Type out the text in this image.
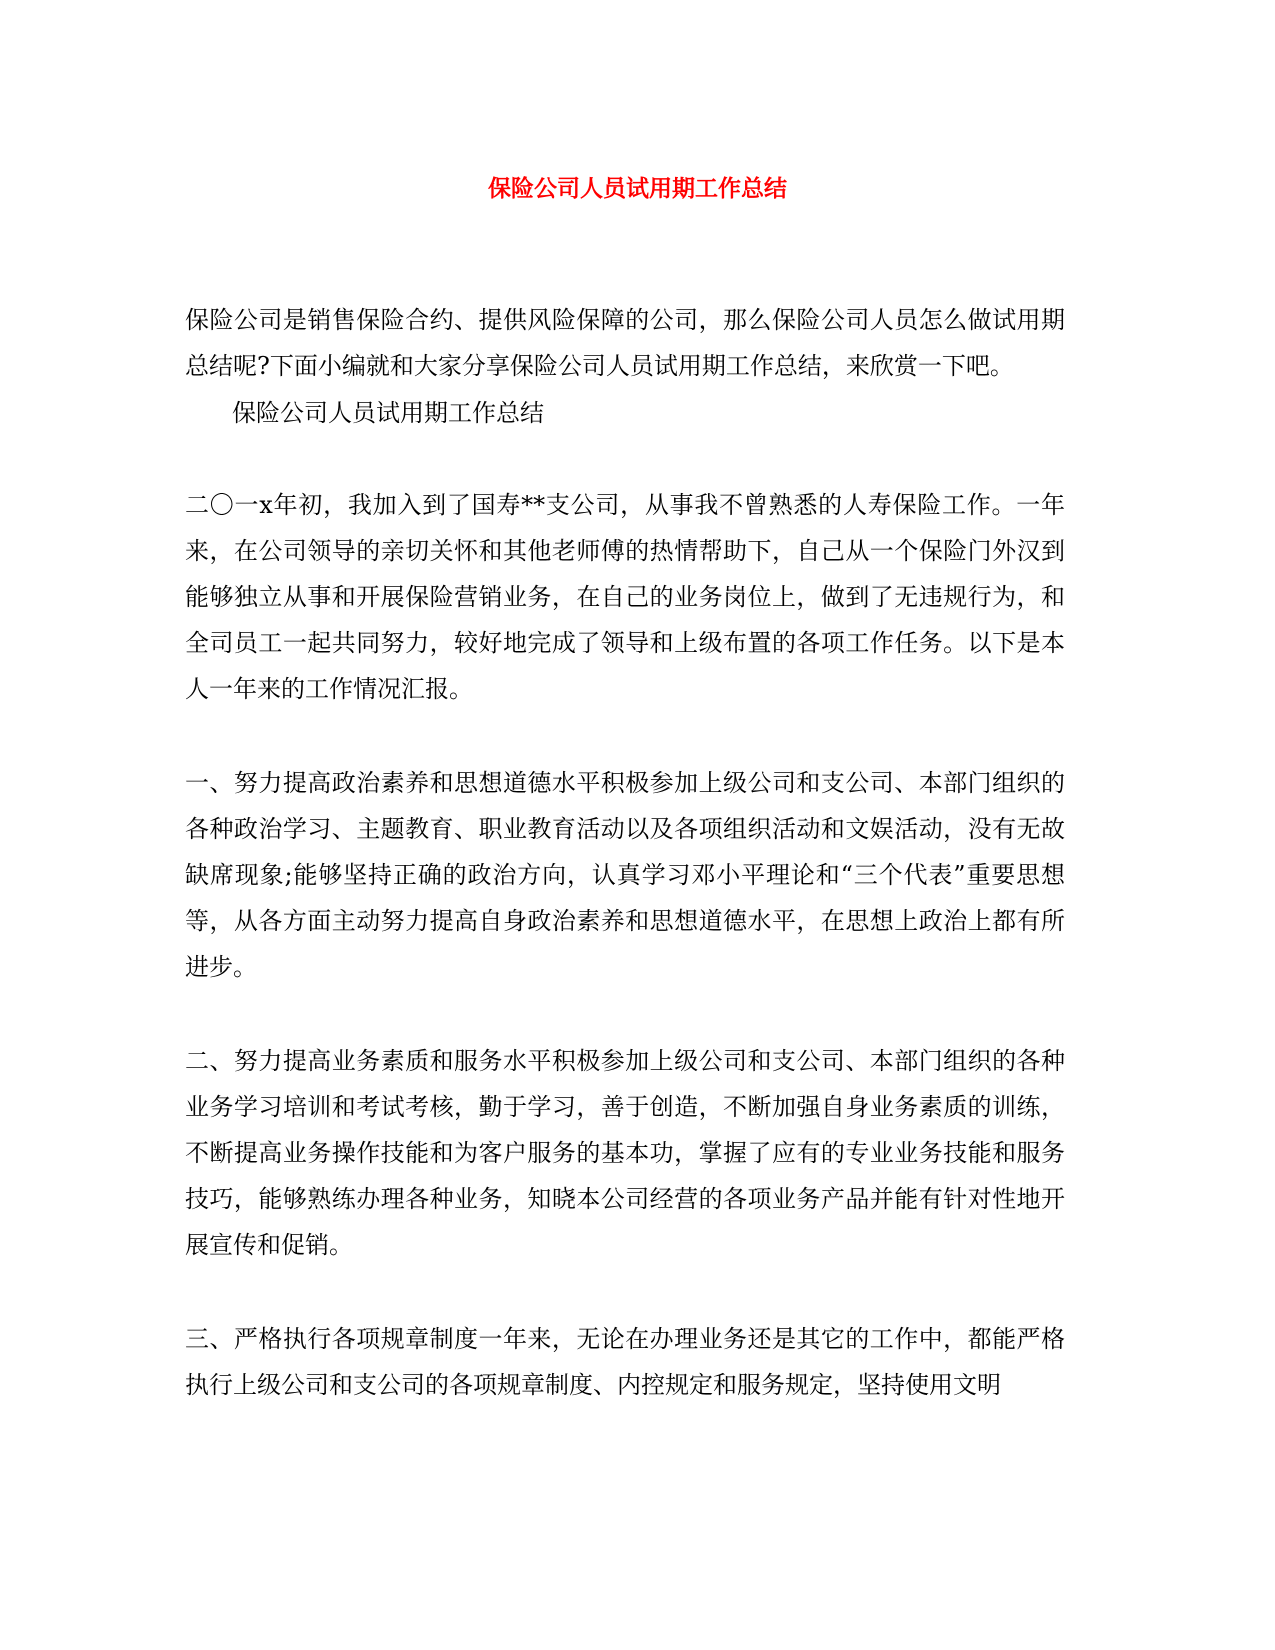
保险公司人员试用期工作总结
保险公司是销售保险合约、提供风险保障的公司，那么保险公司人员怎么做试用期总结呢?下面小编就和大家分享保险公司人员试用期工作总结，来欣赏一下吧。
保险公司人员试用期工作总结
二〇一x年初，我加入到了国寿**支公司，从事我不曾熟悉的人寿保险工作。一年来，在公司领导的亲切关怀和其他老师傅的热情帮助下，自己从一个保险门外汉到能够独立从事和开展保险营销业务，在自己的业务岗位上，做到了无违规行为，和全司员工一起共同努力，较好地完成了领导和上级布置的各项工作任务。以下是本人一年来的工作情况汇报。
一、努力提高政治素养和思想道德水平积极参加上级公司和支公司、本部门组织的各种政治学习、主题教育、职业教育活动以及各项组织活动和文娱活动，没有无故缺席现象;能够坚持正确的政治方向，认真学习邓小平理论和“三个代表”重要思想等，从各方面主动努力提高自身政治素养和思想道德水平，在思想上政治上都有所进步。
二、努力提高业务素质和服务水平积极参加上级公司和支公司、本部门组织的各种业务学习培训和考试考核，勤于学习，善于创造，不断加强自身业务素质的训练，不断提高业务操作技能和为客户服务的基本功，掌握了应有的专业业务技能和服务技巧，能够熟练办理各种业务，知晓本公司经营的各项业务产品并能有针对性地开展宣传和促销。
三、严格执行各项规章制度一年来，无论在办理业务还是其它的工作中，都能严格执行上级公司和支公司的各项规章制度、内控规定和服务规定，坚持使用文明
